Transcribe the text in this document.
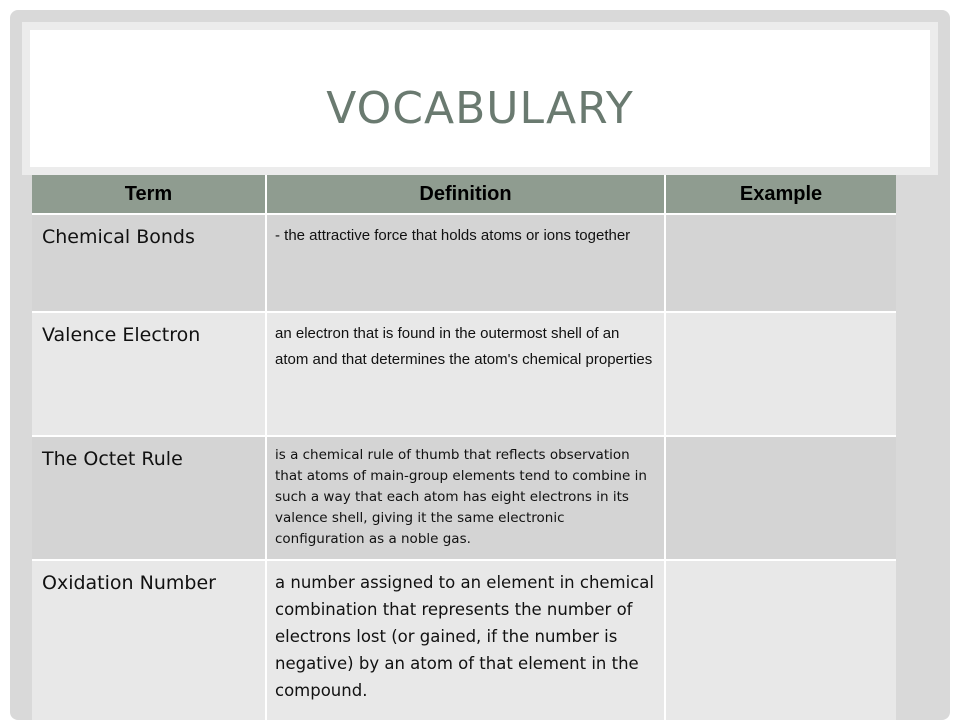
VOCABULARY
Term	Definition	Example
Chemical Bonds	- the attractive force that holds atoms or ions together	
Valence Electron	an electron that is found in the outermost shell of an atom and that determines the atom's chemical properties	
The Octet Rule	is a chemical rule of thumb that reflects observation that atoms of main-group elements tend to combine in such a way that each atom has eight electrons in its valence shell, giving it the same electronic configuration as a noble gas.	
Oxidation Number	a number assigned to an element in chemical combination that represents the number of electrons lost (or gained, if the number is negative) by an atom of that element in the compound.	
